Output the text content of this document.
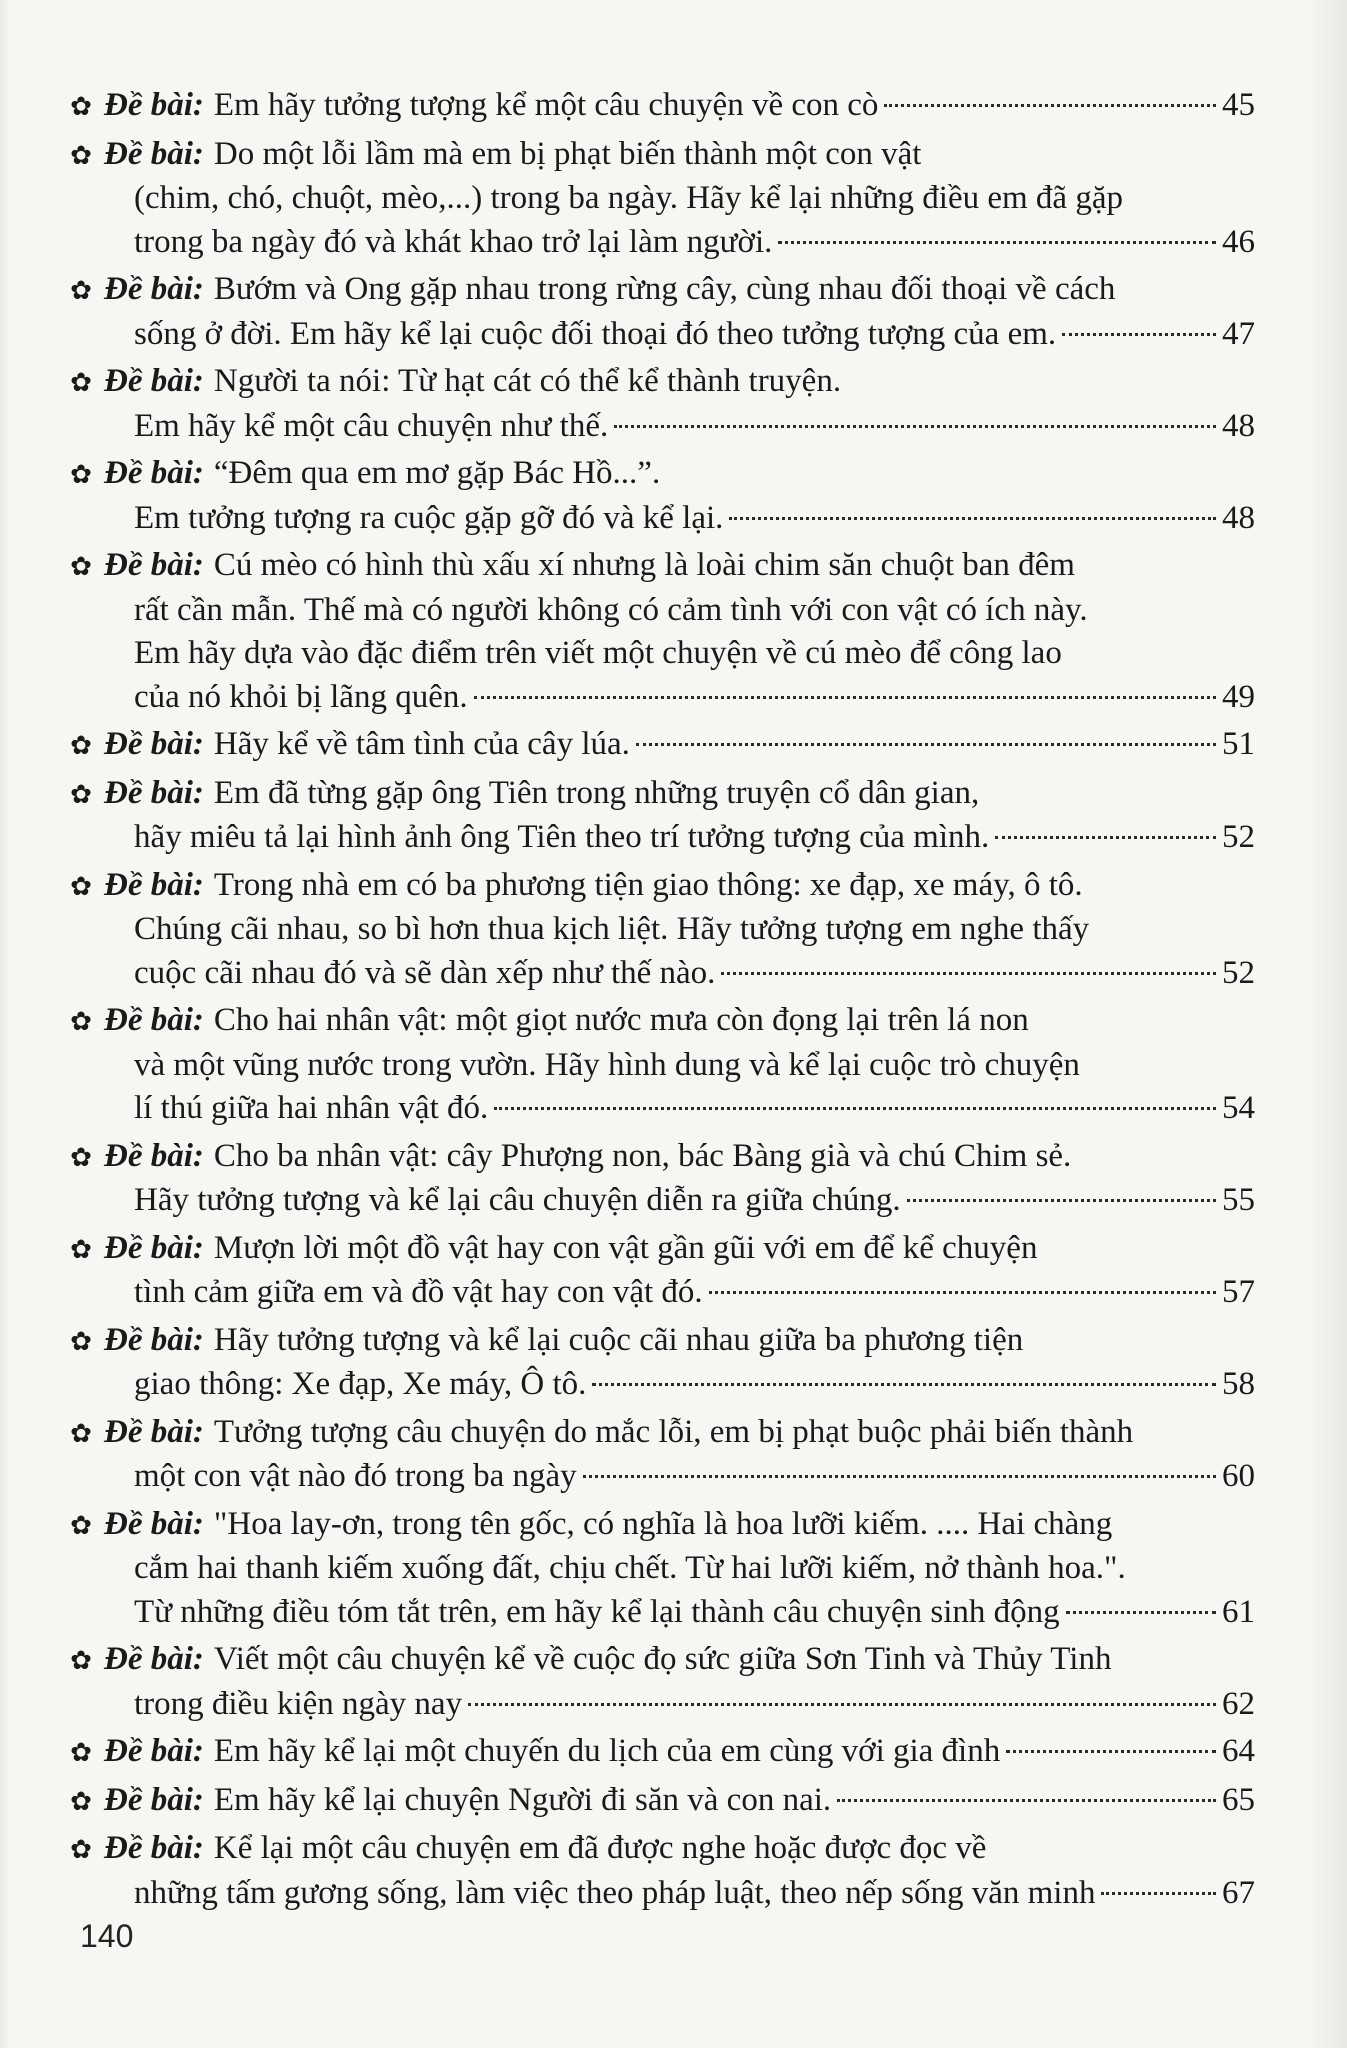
✿ Đề bài: Em hãy tưởng tượng kể một câu chuyện về con cò	45
✿ Đề bài: Do một lỗi lầm mà em bị phạt biến thành một con vật
(chim, chó, chuột, mèo,...) trong ba ngày. Hãy kể lại những điều em đã gặp
trong ba ngày đó và khát khao trở lại làm người.	46
✿ Đề bài: Bướm và Ong gặp nhau trong rừng cây, cùng nhau đối thoại về cách
sống ở đời. Em hãy kể lại cuộc đối thoại đó theo tưởng tượng của em.	47
✿ Đề bài: Người ta nói: Từ hạt cát có thể kể thành truyện.
Em hãy kể một câu chuyện như thế.	48
✿ Đề bài: “Đêm qua em mơ gặp Bác Hồ...”.
Em tưởng tượng ra cuộc gặp gỡ đó và kể lại.	48
✿ Đề bài: Cú mèo có hình thù xấu xí nhưng là loài chim săn chuột ban đêm
rất cần mẫn. Thế mà có người không có cảm tình với con vật có ích này.
Em hãy dựa vào đặc điểm trên viết một chuyện về cú mèo để công lao
của nó khỏi bị lãng quên.	49
✿ Đề bài: Hãy kể về tâm tình của cây lúa.	51
✿ Đề bài: Em đã từng gặp ông Tiên trong những truyện cổ dân gian,
hãy miêu tả lại hình ảnh ông Tiên theo trí tưởng tượng của mình.	52
✿ Đề bài: Trong nhà em có ba phương tiện giao thông: xe đạp, xe máy, ô tô.
Chúng cãi nhau, so bì hơn thua kịch liệt. Hãy tưởng tượng em nghe thấy
cuộc cãi nhau đó và sẽ dàn xếp như thế nào.	52
✿ Đề bài: Cho hai nhân vật: một giọt nước mưa còn đọng lại trên lá non
và một vũng nước trong vườn. Hãy hình dung và kể lại cuộc trò chuyện
lí thú giữa hai nhân vật đó.	54
✿ Đề bài: Cho ba nhân vật: cây Phượng non, bác Bàng già và chú Chim sẻ.
Hãy tưởng tượng và kể lại câu chuyện diễn ra giữa chúng.	55
✿ Đề bài: Mượn lời một đồ vật hay con vật gần gũi với em để kể chuyện
tình cảm giữa em và đồ vật hay con vật đó.	57
✿ Đề bài: Hãy tưởng tượng và kể lại cuộc cãi nhau giữa ba phương tiện
giao thông: Xe đạp, Xe máy, Ô tô.	58
✿ Đề bài: Tưởng tượng câu chuyện do mắc lỗi, em bị phạt buộc phải biến thành
một con vật nào đó trong ba ngày	60
✿ Đề bài: "Hoa lay-ơn, trong tên gốc, có nghĩa là hoa lưỡi kiếm. .... Hai chàng
cắm hai thanh kiếm xuống đất, chịu chết. Từ hai lưỡi kiếm, nở thành hoa.".
Từ những điều tóm tắt trên, em hãy kể lại thành câu chuyện sinh động	61
✿ Đề bài: Viết một câu chuyện kể về cuộc đọ sức giữa Sơn Tinh và Thủy Tinh
trong điều kiện ngày nay	62
✿ Đề bài: Em hãy kể lại một chuyến du lịch của em cùng với gia đình	64
✿ Đề bài: Em hãy kể lại chuyện Người đi săn và con nai.	65
✿ Đề bài: Kể lại một câu chuyện em đã được nghe hoặc được đọc về
những tấm gương sống, làm việc theo pháp luật, theo nếp sống văn minh	67
140
